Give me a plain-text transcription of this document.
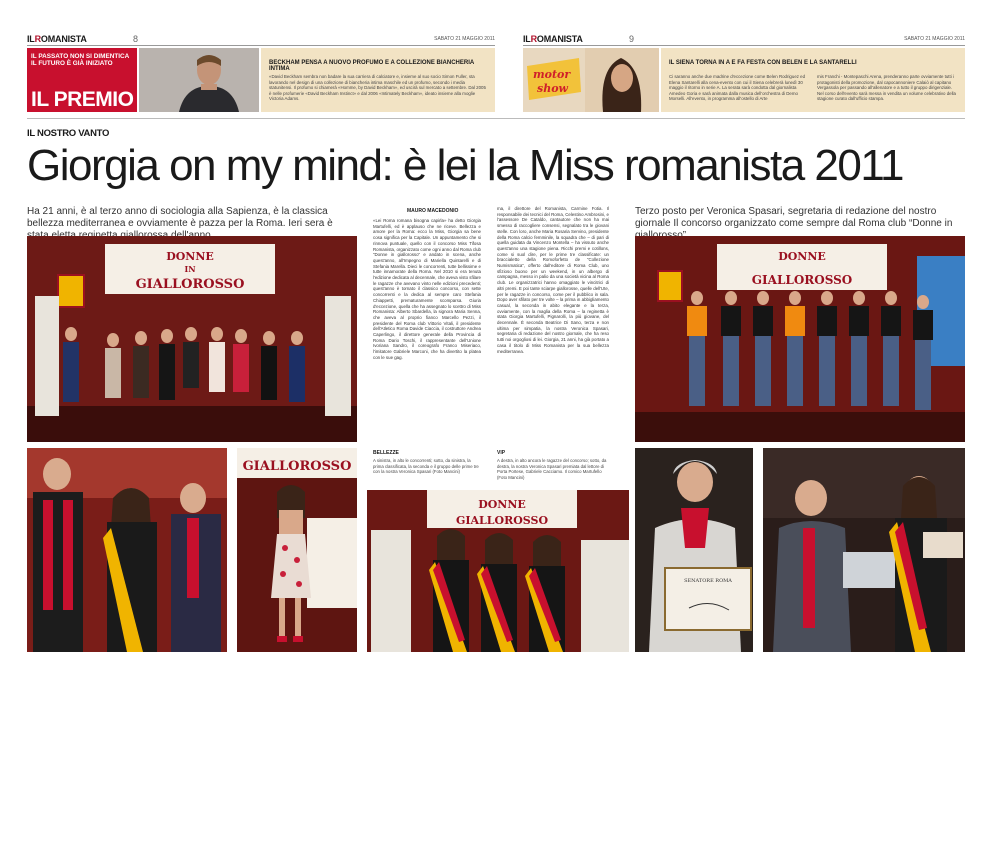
ILROMANISTA	8	SABATO 21 MAGGIO 2011	ILROMANISTA	9	SABATO 21 MAGGIO 2011
IL PASSATO NON SI DIMENTICA IL FUTURO È GIÀ INIZIATO
IL PREMIO
BECKHAM PENSA A NUOVO PROFUMO E A COLLEZIONE BIANCHERIA INTIMA
«David Beckham sembra non badare la sua carriera di calciatore e, insieme al suo socio Simon Fuller, sta lavorando nel design di una collezione di biancheria intima maschile ed un profumo, secondo i media statunitensi. Il profumo si chiamerà «Homme, by David Beckham», ed uscirà sul mercato a settembre. Dal 2005 è nelle profumerie «David Beckham Instinct» e dal 2006 «Intimately Beckham», ideato insieme alla moglie Victoria Adams.
motor
show
IL SIENA TORNA IN A E FA FESTA CON BELEN E LA SANTARELLI
Ci saranno anche due madrine d'eccezione come Belen Rodriguez ed Elena Santarelli alla cena-evento con cui il Siena celebrerà lunedì 30 maggio il ritorno in serie A. La serata sarà condotta dal giornalista Amedeo Goria e sarà animata dalla musica dell'orchestra di Demo Morselli. All'evento, in programma all'ostello di Arte
mis Franchi - Montepaschi Arena, prenderanno parte ovviamente tutti i protagonisti della promozione, dal capocannoniere Calaiò al capitano Vergassola per passando all'allenatore e a tutto il gruppo dirigenziale. Nel corso dell'evento sarà messa in vendita un volume celebrativo della stagione curato dall'ufficio stampa.
IL NOSTRO VANTO
Giorgia on my mind: è lei la Miss romanista 2011
Ha 21 anni, è al terzo anno di sociologia alla Sapienza, è la classica bellezza mediterranea e ovviamente è pazza per la Roma. Ieri sera è
Terzo posto per Veronica Spasari, segretaria di redazione del nostro giornale Il concorso organizzato come sempre dal Roma club “Donne in
DONNE
IN
GIALLOROSSO
MAURO MACEDONIO
«Lei Roma romana bisogna capirla» ha detto Giorgia Martufelli, ed è applauso che ne riceve. Bellezza e amore per la Roma: ecco la Miss, Giorgia sa bene cosa significa per la Capitale. Un appuntamento che si rinnova puntuale, quello con il concorso Miss Tifosa Romanista, organizzato come ogni anno dal Roma club “Donne in giallorosso” e andato in scena, anche quest'anno, all'Impegno di Mariella Quintarelli e di Stefania Marella. Dieci le concorrenti, tutte bellissime e tutte innamorate della Roma. Nel 2010 si era tenuta l'edizione dedicata al decennale, che aveva visto sfilare le ragazze che avevano vinto nelle edizioni precedenti; quest'anno è tornato il classico concorso, con sette concorrenti e la dedica al sempre caro Stefania Chiappetti, prematuramente scomparsa. Giuria d'eccezione, quella che ha assegnato lo scettro di Miss Romanista: Alberto Sbardella, la signora Maria Senna, che aveva al proprio fianco Marcello Pezzi, il presidente del Roma club Vittorio Vitali, il presidente dell'Atletico Roma Davide Ciaccia, il costruttore Andrea Caperlingo, il direttore generale della Provincia di Roma Dario Toschi, il rappresentante dell'Unione Ivoriana Sandro, il coreografo Franco Miseriaco, l'imitatore Gabriele Marconi, che ha divertito la platea con le sue gag.
ma, il direttore del Romanista, Carmine Fotia. Il responsabile dei tecnici del Roma, Celestino Ambrosini, e l'assessore De Cataldo, cantautore che non ha mai smesso di raccogliere consensi, segnalato tra le giovani stelle. Con loro, anche Maria Rosaria Servino, presidente della Roma calcio femminile, la squadra che – di pari di quella guidata da Vincenzo Montella – ha vissuto anche quest'anno una stagione piena. Ricchi premi e cotillons, come si suol dire, per le prime tre classificate: un braccialetto della Romoforfetto de “Collezione Numismatica”, offerto dall'editore di Roma Club, uno sfizioso buono per un weekend, in un albergo di campagna, messo in palio da una società vicina al Roma club. Le organizzatrici hanno omaggiato le vincitrici di altri premi. E poi tante sciarpe giallorosse, quelle dell'Ute, per le ragazze in concorso, come per il pubblico in sala. Dopo aver sfilato per tre volte – la prima in abbigliamento casual, la seconda in abito elegante e la terza, ovviamente, con la maglia della Roma – la reginetta è stata Giorgia Martufelli, Pignarolli, la più giovane, del decennale. È seconda Beatrice Di Sano, terza e non ultima per simpatia, la nostra Veronica Spasari, segretaria di redazione del nostro giornale, che ha reso tutti noi orgogliosi di lei. Giorgia, 21 anni, ha già portato a casa il titolo di Miss Romanista per la sua bellezza mediterranea.
DONNE
GIALLOROSSO
GIALLOROSSO
BELLEZZE
A sinistra, in alto le concorrenti; sotto, da sinistra, la prima classificata, la seconda e il gruppo delle prime tre con la nostra Veronica Spasari (Foto Mancini)
VIP
A destra, in alto ancora le ragazze del concorso; sotto, da destra, la nostra Veronica Spasari premiata dal lettore di Porta Portese, Gabriele Cacciamo. Il comico Martufello (Foto Mancini)
DONNE
GIALLOROSSO
SENATORE ROMA
